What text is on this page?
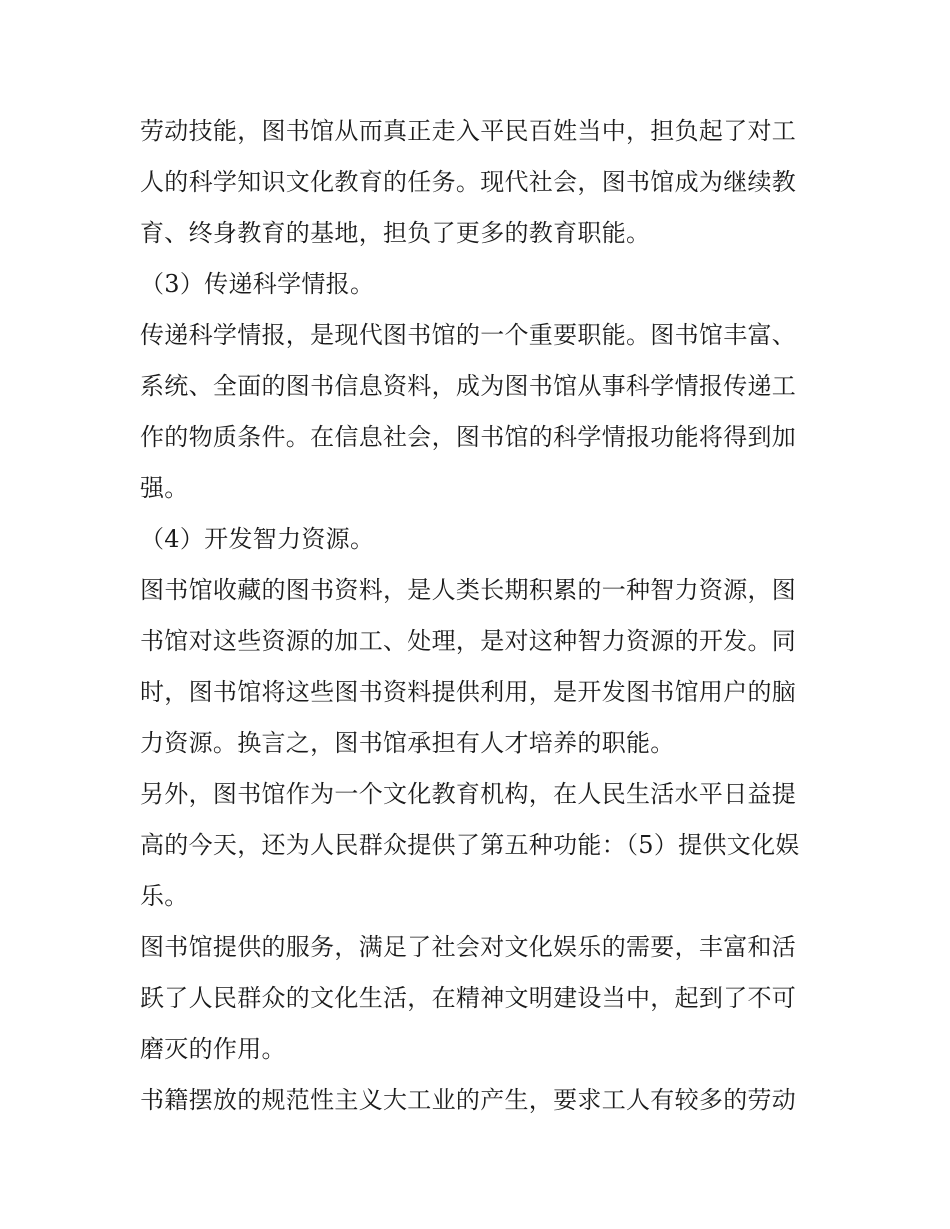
劳动技能，图书馆从而真正走入平民百姓当中，担负起了对工人的科学知识文化教育的任务。现代社会，图书馆成为继续教育、终身教育的基地，担负了更多的教育职能。

（3）传递科学情报。

传递科学情报，是现代图书馆的一个重要职能。图书馆丰富、系统、全面的图书信息资料，成为图书馆从事科学情报传递工作的物质条件。在信息社会，图书馆的科学情报功能将得到加强。

（4）开发智力资源。

图书馆收藏的图书资料，是人类长期积累的一种智力资源，图书馆对这些资源的加工、处理，是对这种智力资源的开发。同时，图书馆将这些图书资料提供利用，是开发图书馆用户的脑力资源。换言之，图书馆承担有人才培养的职能。

另外，图书馆作为一个文化教育机构，在人民生活水平日益提高的今天，还为人民群众提供了第五种功能：（5）提供文化娱乐。

图书馆提供的服务，满足了社会对文化娱乐的需要，丰富和活跃了人民群众的文化生活，在精神文明建设当中，起到了不可磨灭的作用。

书籍摆放的规范性主义大工业的产生，要求工人有较多的劳动
